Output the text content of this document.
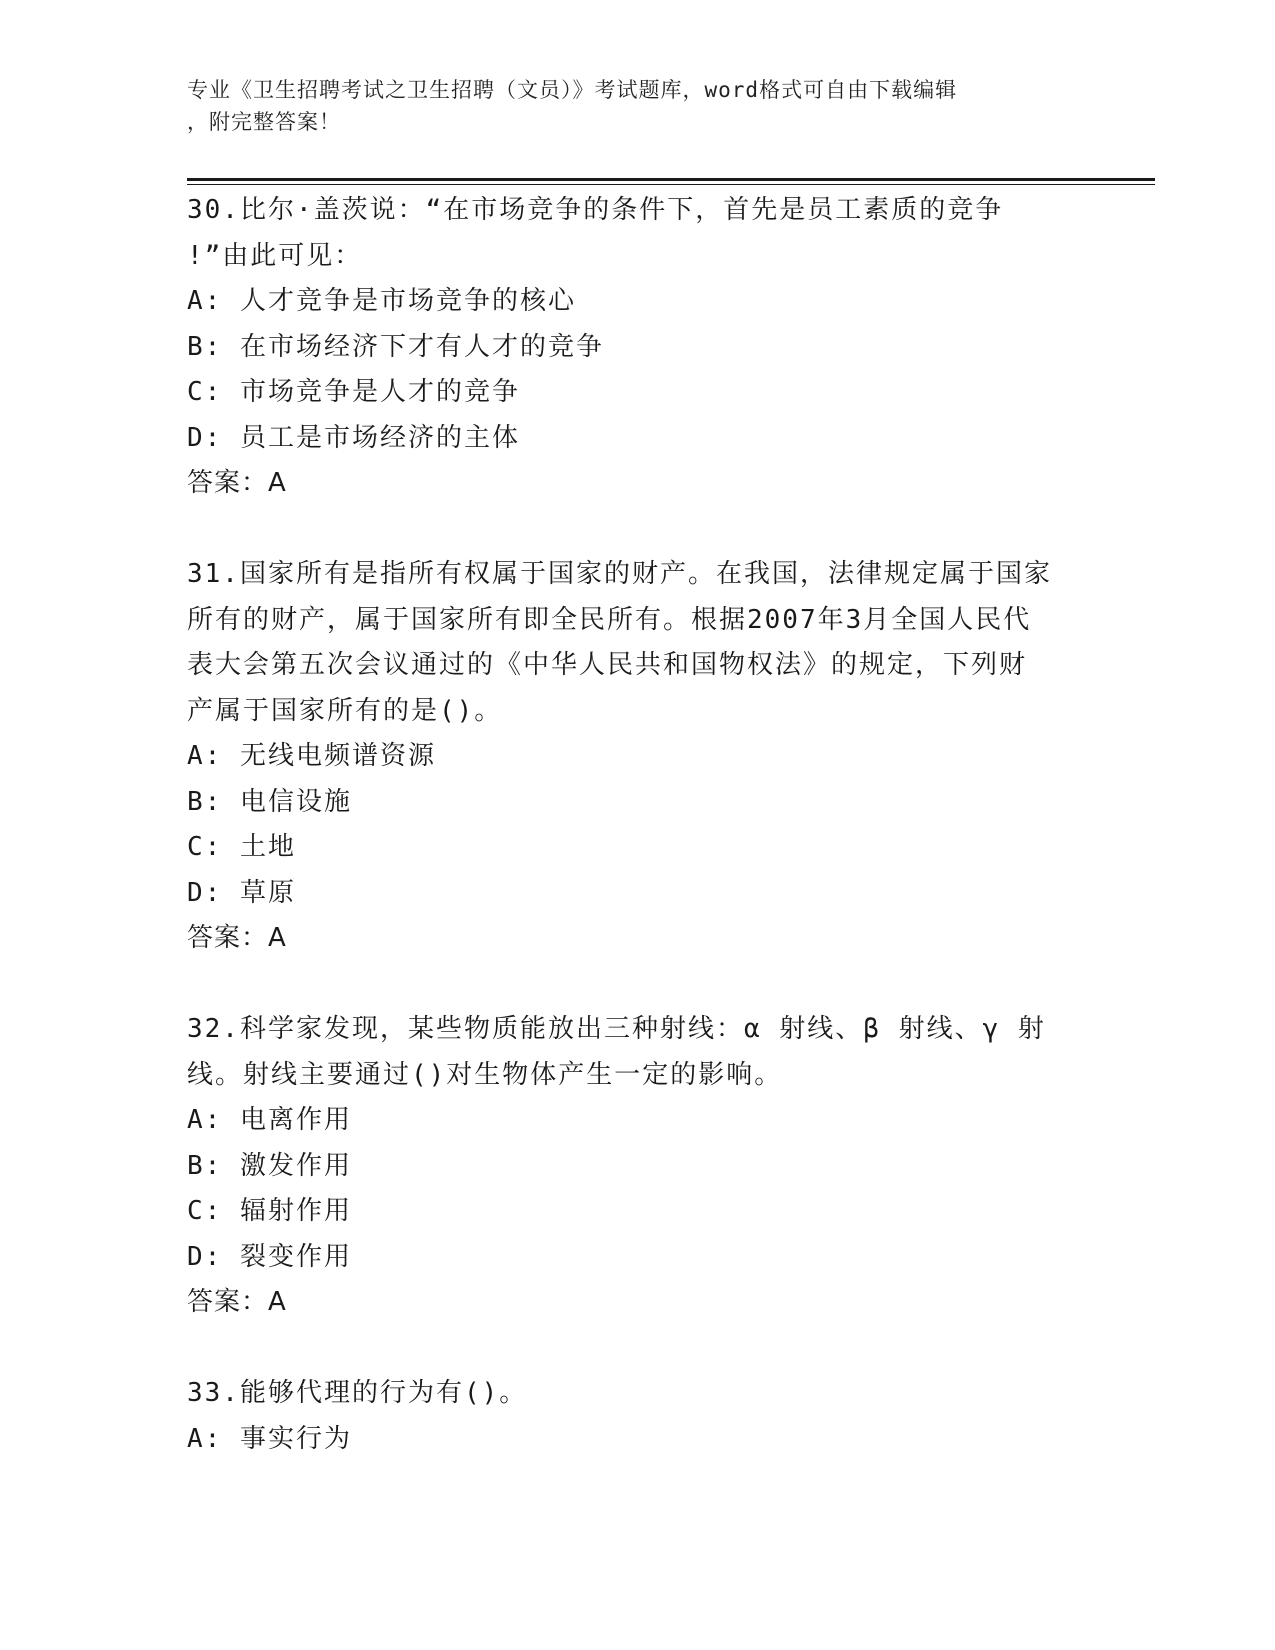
专业《卫生招聘考试之卫生招聘（文员）》考试题库，word格式可自由下载编辑
，附完整答案！

30.比尔·盖茨说：“在市场竞争的条件下，首先是员工素质的竞争

!”由此可见：

A: 人才竞争是市场竞争的核心

B: 在市场经济下才有人才的竞争

C: 市场竞争是人才的竞争

D: 员工是市场经济的主体

答案：A

31.国家所有是指所有权属于国家的财产。在我国，法律规定属于国家

所有的财产，属于国家所有即全民所有。根据2007年3月全国人民代

表大会第五次会议通过的《中华人民共和国物权法》的规定，下列财

产属于国家所有的是()。

A: 无线电频谱资源

B: 电信设施

C: 土地

D: 草原

答案：A

32.科学家发现，某些物质能放出三种射线：α 射线、β 射线、γ 射

线。射线主要通过()对生物体产生一定的影响。

A: 电离作用

B: 激发作用

C: 辐射作用

D: 裂变作用

答案：A

33.能够代理的行为有()。

A: 事实行为
